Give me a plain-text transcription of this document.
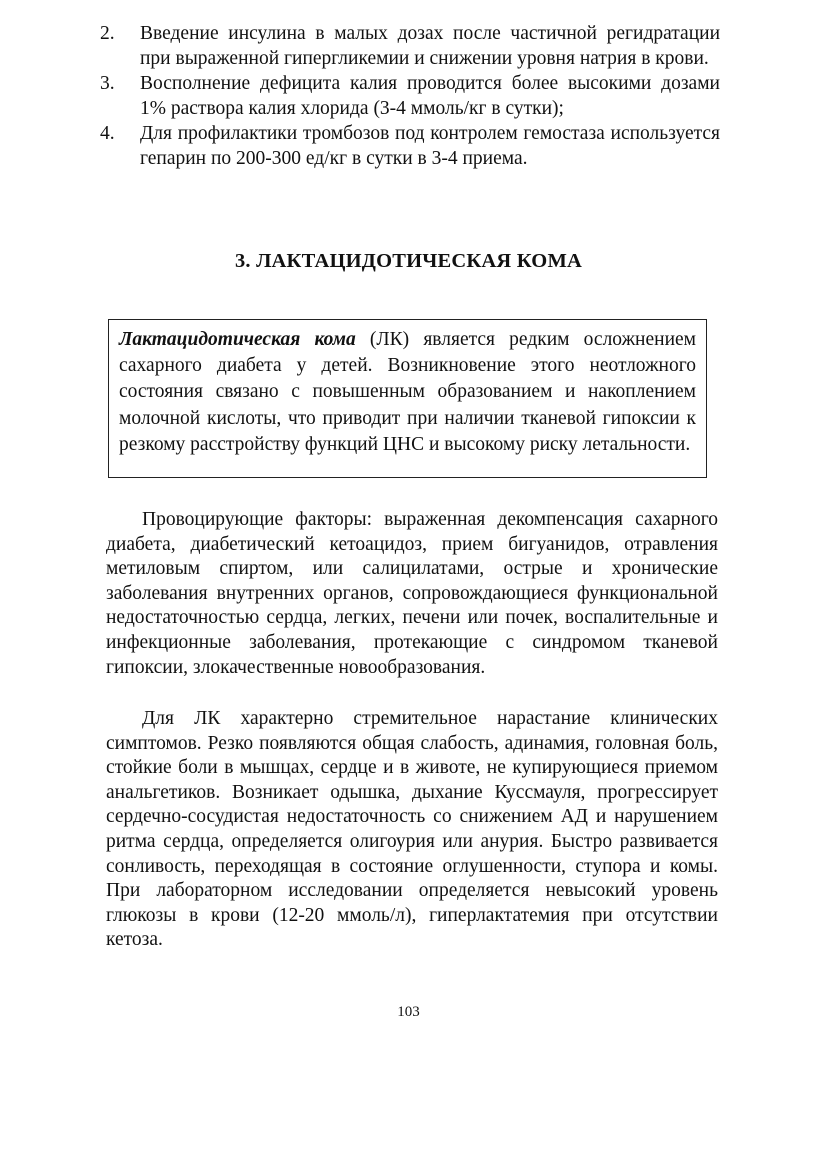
2. Введение инсулина в малых дозах после частичной регидратации при выраженной гипергликемии и снижении уровня натрия в крови.
3. Восполнение дефицита калия проводится более высокими дозами 1% раствора калия хлорида (3-4 ммоль/кг в сутки);
4. Для профилактики тромбозов под контролем гемостаза используется гепарин по 200-300 ед/кг в сутки в 3-4 приема.
3. ЛАКТАЦИДОТИЧЕСКАЯ КОМА
Лактацидотическая кома (ЛК) является редким осложнением сахарного диабета у детей. Возникновение этого неотложного состояния связано с повышенным образованием и накоплением молочной кислоты, что приводит при наличии тканевой гипоксии к резкому расстройству функций ЦНС и высокому риску летальности.

Провоцирующие факторы: выраженная декомпенсация сахарного диабета, диабетический кетоацидоз, прием бигуанидов, отравления метиловым спиртом, или салицилатами, острые и хронические заболевания внутренних органов, сопровождающиеся функциональной недостаточностью сердца, легких, печени или почек, воспалительные и инфекционные заболевания, протекающие с синдромом тканевой гипоксии, злокачественные новообразования.

Для ЛК характерно стремительное нарастание клинических симптомов. Резко появляются общая слабость, адинамия, головная боль, стойкие боли в мышцах, сердце и в животе, не купирующиеся приемом анальгетиков. Возникает одышка, дыхание Куссмауля, прогрессирует сердечно-сосудистая недостаточность со снижением АД и нарушением ритма сердца, определяется олигоурия или анурия. Быстро развивается сонливость, переходящая в состояние оглушенности, ступора и комы. При лабораторном исследовании определяется невысокий уровень глюкозы в крови (12-20 ммоль/л), гиперлактатемия при отсутствии кетоза.

103
